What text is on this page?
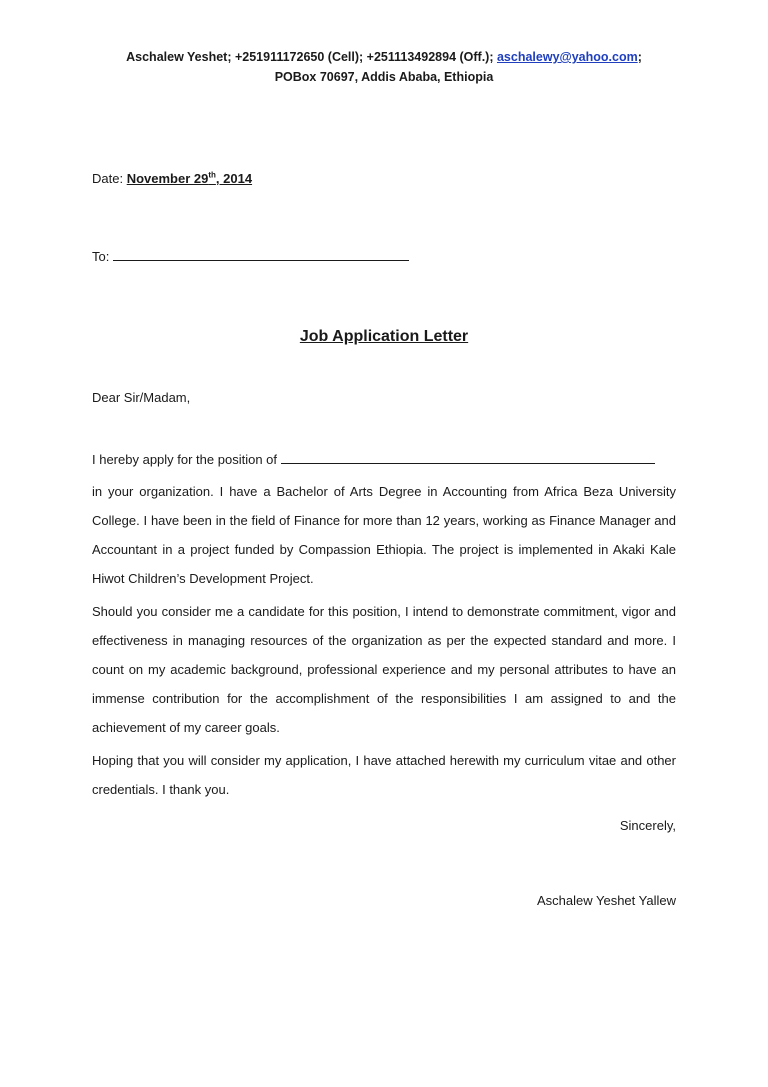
Aschalew Yeshet; +251911172650 (Cell); +251113492894 (Off.); aschalewy@yahoo.com;
POBox 70697, Addis Ababa, Ethiopia
Date: November 29th, 2014
To:
Job Application Letter
Dear Sir/Madam,
I hereby apply for the position of

in your organization. I have a Bachelor of Arts Degree in Accounting from Africa Beza University College. I have been in the field of Finance for more than 12 years, working as Finance Manager and Accountant in a project funded by Compassion Ethiopia. The project is implemented in Akaki Kale Hiwot Children’s Development Project.

Should you consider me a candidate for this position, I intend to demonstrate commitment, vigor and effectiveness in managing resources of the organization as per the expected standard and more. I count on my academic background, professional experience and my personal attributes to have an immense contribution for the accomplishment of the responsibilities I am assigned to and the achievement of my career goals.

Hoping that you will consider my application, I have attached herewith my curriculum vitae and other credentials. I thank you.

Sincerely,
Aschalew Yeshet Yallew
